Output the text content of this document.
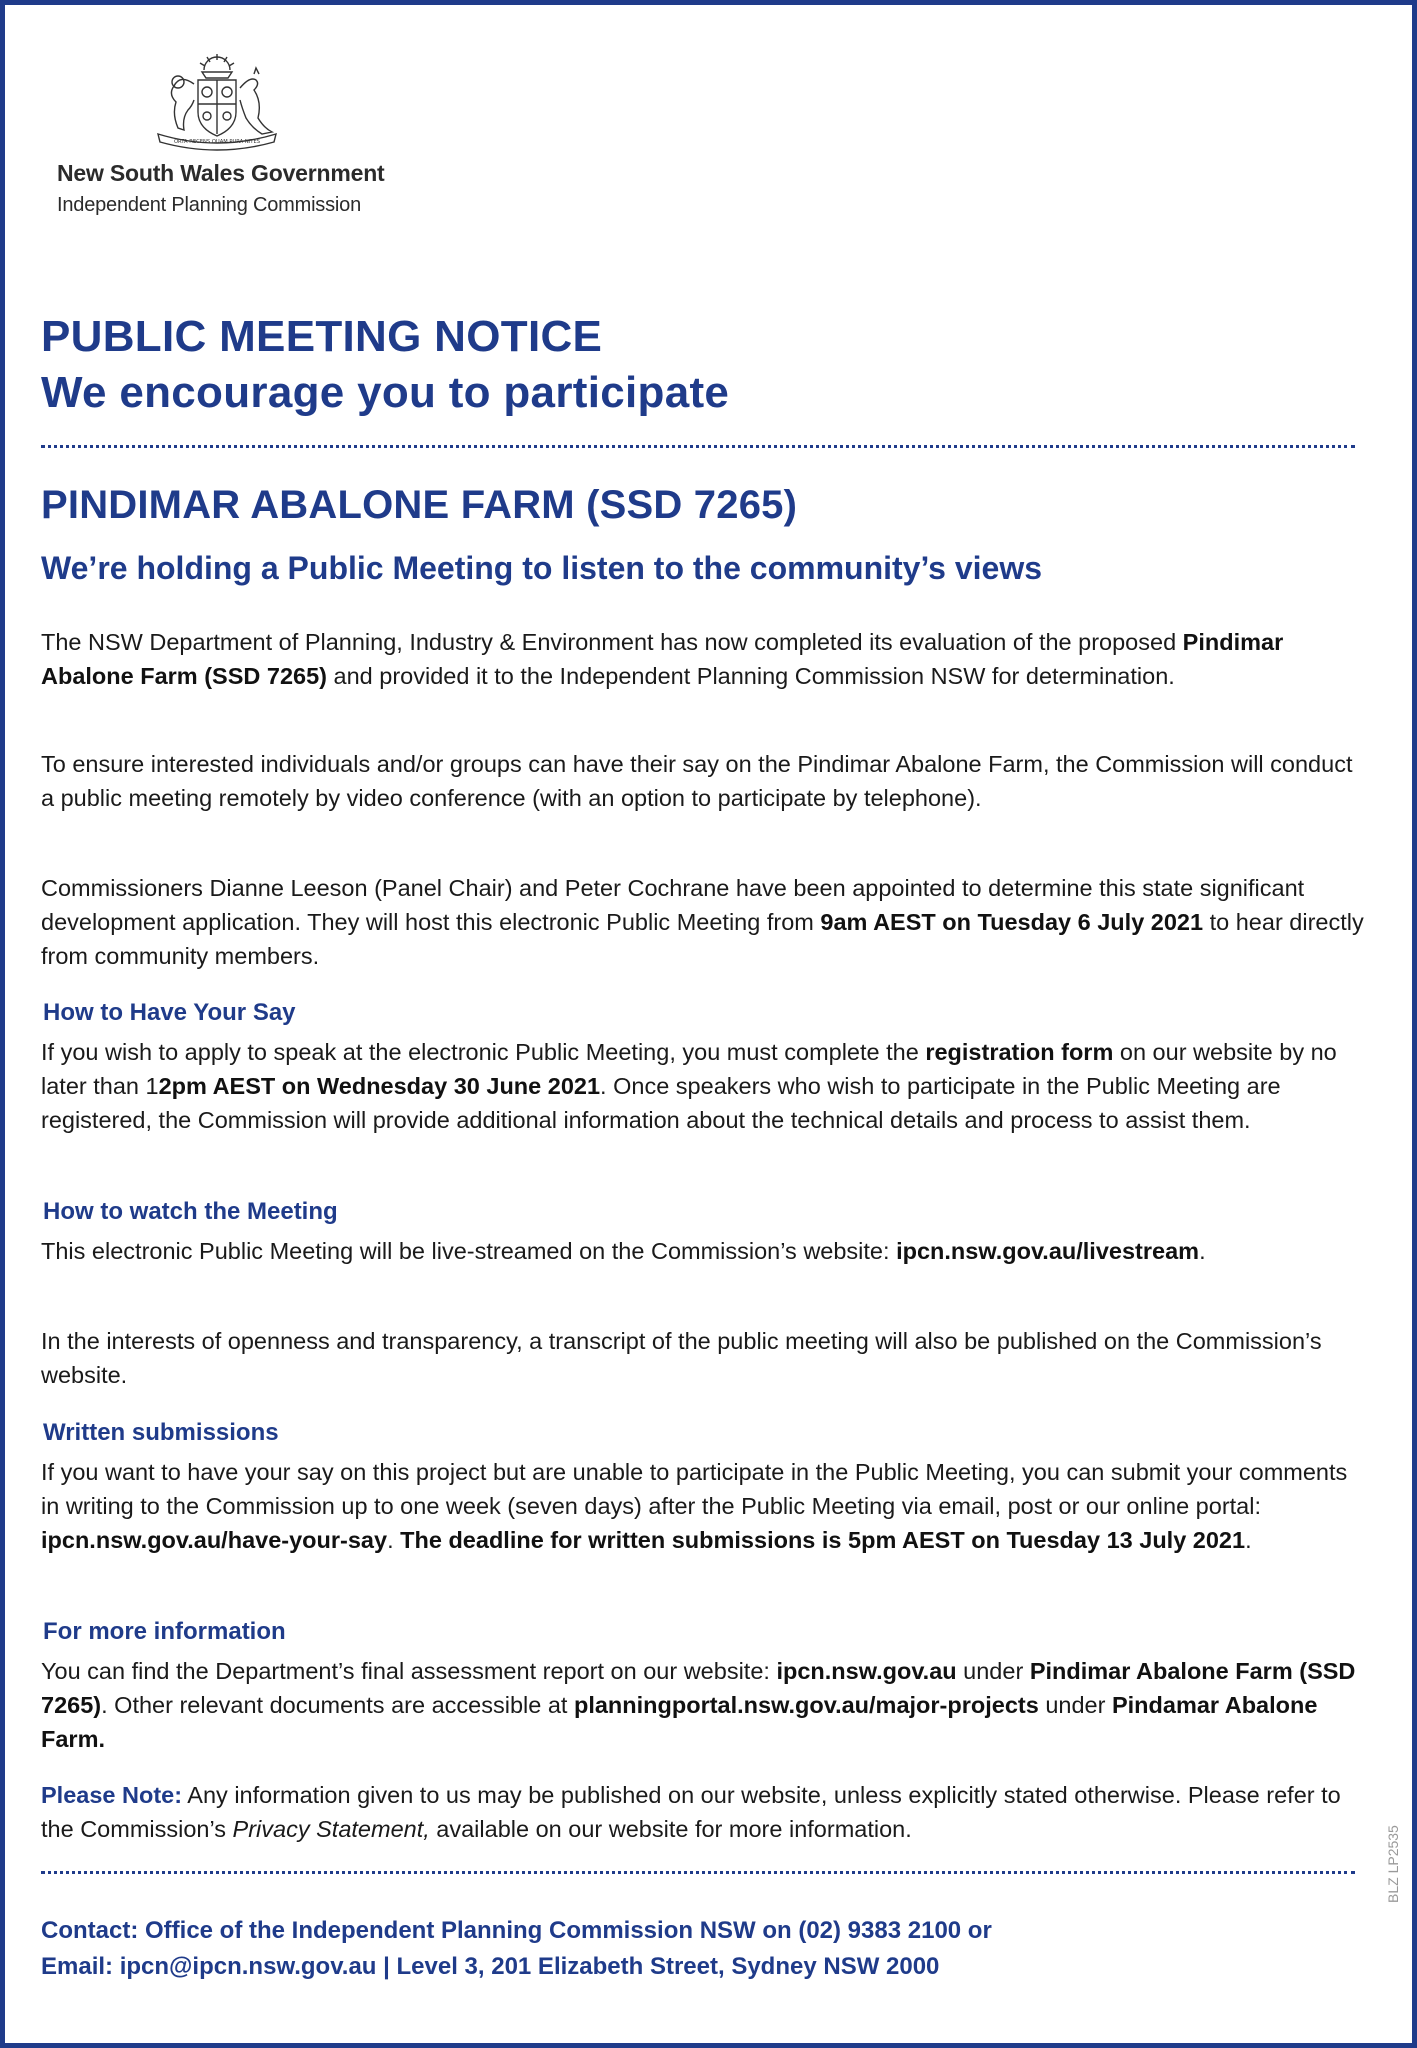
ORTA RECENS QUAM PURA NITES
New South Wales Government
Independent Planning Commission
PUBLIC MEETING NOTICE
We encourage you to participate
PINDIMAR ABALONE FARM (SSD 7265)
We’re holding a Public Meeting to listen to the community’s views
The NSW Department of Planning, Industry & Environment has now completed its evaluation of the proposed Pindimar Abalone Farm (SSD 7265) and provided it to the Independent Planning Commission NSW for determination.
To ensure interested individuals and/or groups can have their say on the Pindimar Abalone Farm, the Commission will conduct a public meeting remotely by video conference (with an option to participate by telephone).
Commissioners Dianne Leeson (Panel Chair) and Peter Cochrane have been appointed to determine this state significant development application. They will host this electronic Public Meeting from 9am AEST on Tuesday 6 July 2021 to hear directly from community members.
How to Have Your Say
If you wish to apply to speak at the electronic Public Meeting, you must complete the registration form on our website by no later than 12pm AEST on Wednesday 30 June 2021. Once speakers who wish to participate in the Public Meeting are registered, the Commission will provide additional information about the technical details and process to assist them.
How to watch the Meeting
This electronic Public Meeting will be live-streamed on the Commission’s website: ipcn.nsw.gov.au/livestream.
In the interests of openness and transparency, a transcript of the public meeting will also be published on the Commission’s website.
Written submissions
If you want to have your say on this project but are unable to participate in the Public Meeting, you can submit your comments in writing to the Commission up to one week (seven days) after the Public Meeting via email, post or our online portal: ipcn.nsw.gov.au/have-your-say. The deadline for written submissions is 5pm AEST on Tuesday 13 July 2021.
For more information
You can find the Department’s final assessment report on our website: ipcn.nsw.gov.au under Pindimar Abalone Farm (SSD 7265). Other relevant documents are accessible at planningportal.nsw.gov.au/major-projects under Pindamar Abalone Farm.
Please Note: Any information given to us may be published on our website, unless explicitly stated otherwise. Please refer to the Commission’s Privacy Statement, available on our website for more information.
Contact: Office of the Independent Planning Commission NSW on (02) 9383 2100 or
Email: ipcn@ipcn.nsw.gov.au | Level 3, 201 Elizabeth Street, Sydney NSW 2000
BLZ LP2535
